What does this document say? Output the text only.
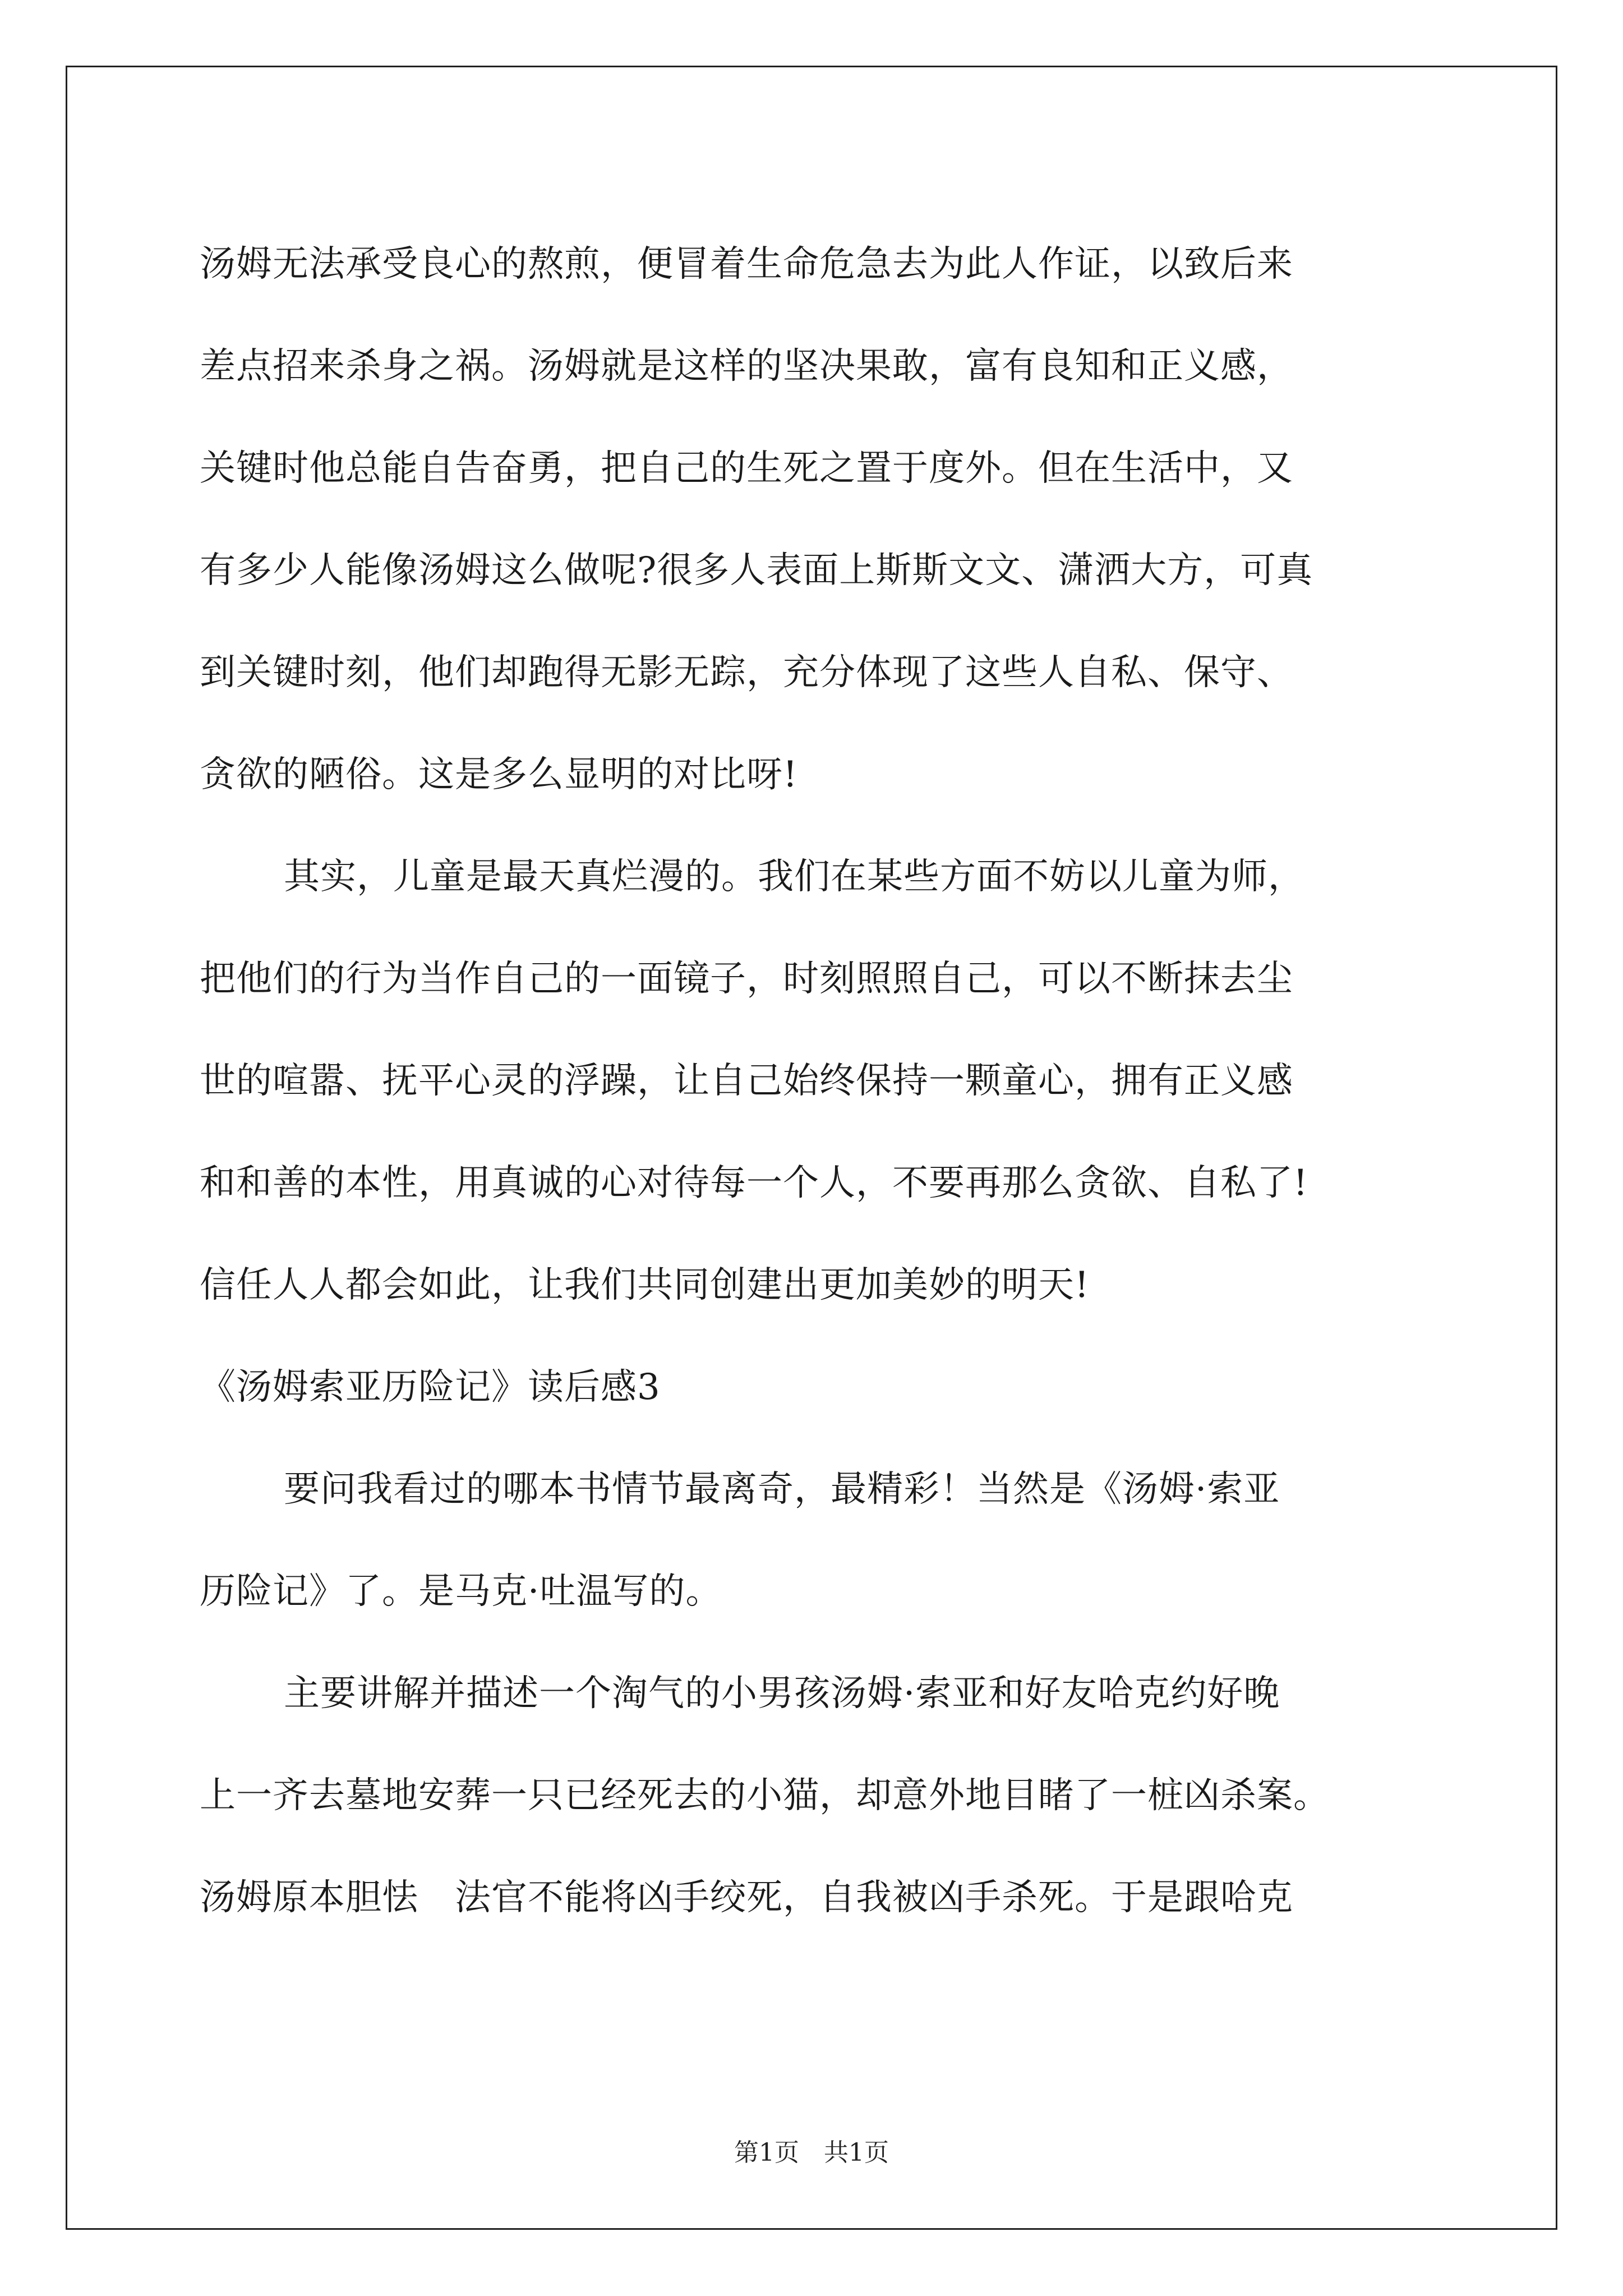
汤姆无法承受良心的熬煎，便冒着生命危急去为此人作证，以致后来
差点招来杀身之祸。汤姆就是这样的坚决果敢，富有良知和正义感，
关键时他总能自告奋勇，把自己的生死之置于度外。但在生活中，又
有多少人能像汤姆这么做呢?很多人表面上斯斯文文、潇洒大方，可真
到关键时刻，他们却跑得无影无踪，充分体现了这些人自私、保守、
贪欲的陋俗。这是多么显明的对比呀!
其实，儿童是最天真烂漫的。我们在某些方面不妨以儿童为师，
把他们的行为当作自己的一面镜子，时刻照照自己，可以不断抹去尘
世的喧嚣、抚平心灵的浮躁，让自己始终保持一颗童心，拥有正义感
和和善的本性，用真诚的心对待每一个人，不要再那么贪欲、自私了!
信任人人都会如此，让我们共同创建出更加美妙的明天!
《汤姆索亚历险记》读后感3
要问我看过的哪本书情节最离奇，最精彩！当然是《汤姆·索亚
历险记》了。是马克·吐温写的。
主要讲解并描述一个淘气的小男孩汤姆·索亚和好友哈克约好晚
上一齐去墓地安葬一只已经死去的小猫，却意外地目睹了一桩凶杀案。
汤姆原本胆怯　法官不能将凶手绞死，自我被凶手杀死。于是跟哈克
第1页　共1页
